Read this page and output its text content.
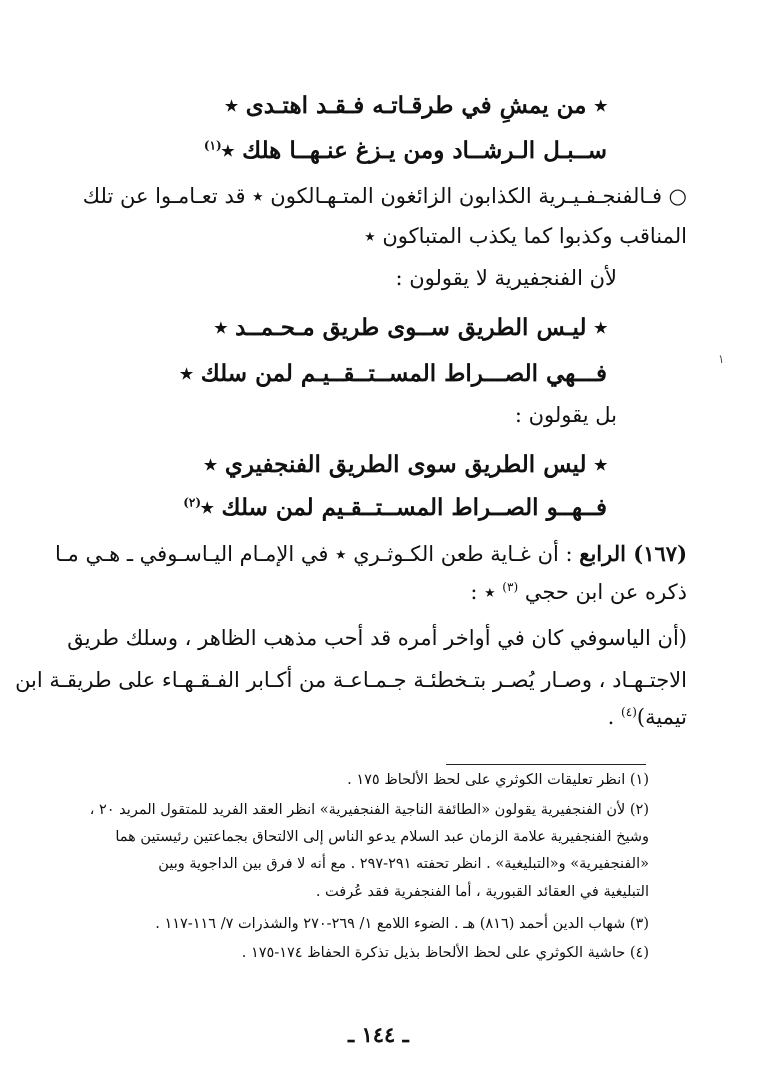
٭ من يمشِ في طرقـاتـه فـقـد اهتـدى ٭
ســبـل الـرشــاد ومن يـزغ عنـهــا هلك ٭$^{(١)}$
○ فـالفنجـفـيـرية الكذابون الزائغون المتـهـالكون ٭ قد تعـامـوا عن تلك
المناقب وكذبوا كما يكذب المتباكون ٭
لأن الفنجفيرية لا يقولون :
٭ ليـس الطريق ســوى طريق مـحـمــد ٭
فـــهي الصـــراط المســتــقــيـم لمن سلك ٭
١
بل يقولون :
٭ ليس الطريق سوى الطريق الفنجفيري ٭
فــهــو الصــراط المســتــقـيم لمن سلك ٭$^{(٢)}$
(١٦٧) الرابع : أن غـاية طعن الكـوثـري ٭ في الإمـام اليـاسـوفي ـ هـي مـا
ذكره عن ابن حجي $^{(٣)}$ ٭ :
(أن الياسوفي كان في أواخر أمره قد أحب مذهب الظاهر ، وسلك طريق
الاجتـهـاد ، وصـار يُصـر بتـخطئـة جـمـاعـة من أكـابر الفـقـهـاء على طريقـة ابن
تيمية)$^{(٤)}$ .
(١) انظر تعليقات الكوثري على لحظ الألحاظ ١٧٥ .
(٢) لأن الفنجفيرية يقولون «الطائفة الناجية الفنجفيرية» انظر العقد الفريد للمتقول المريد ٢٠ ،
وشيخ الفنجفيرية علامة الزمان عبد السلام يدعو الناس إلى الالتحاق بجماعتين رئيستين هما
«الفنجفيرية» و«التبليغية» . انظر تحفته ٢٩١-٢٩٧ . مع أنه لا فرق بين الداجوية وبين
التبليغية في العقائد القبورية ، أما الفنجفرية فقد عُرفت .
(٣) شهاب الدين أحمد (٨١٦) هـ . الضوء اللامع ١/ ٢٦٩-٢٧٠ والشذرات ٧/ ١١٦-١١٧ .
(٤) حاشية الكوثري على لحظ الألحاظ بذيل تذكرة الحفاظ ١٧٤-١٧٥ .
ـ ١٤٤ ـ
